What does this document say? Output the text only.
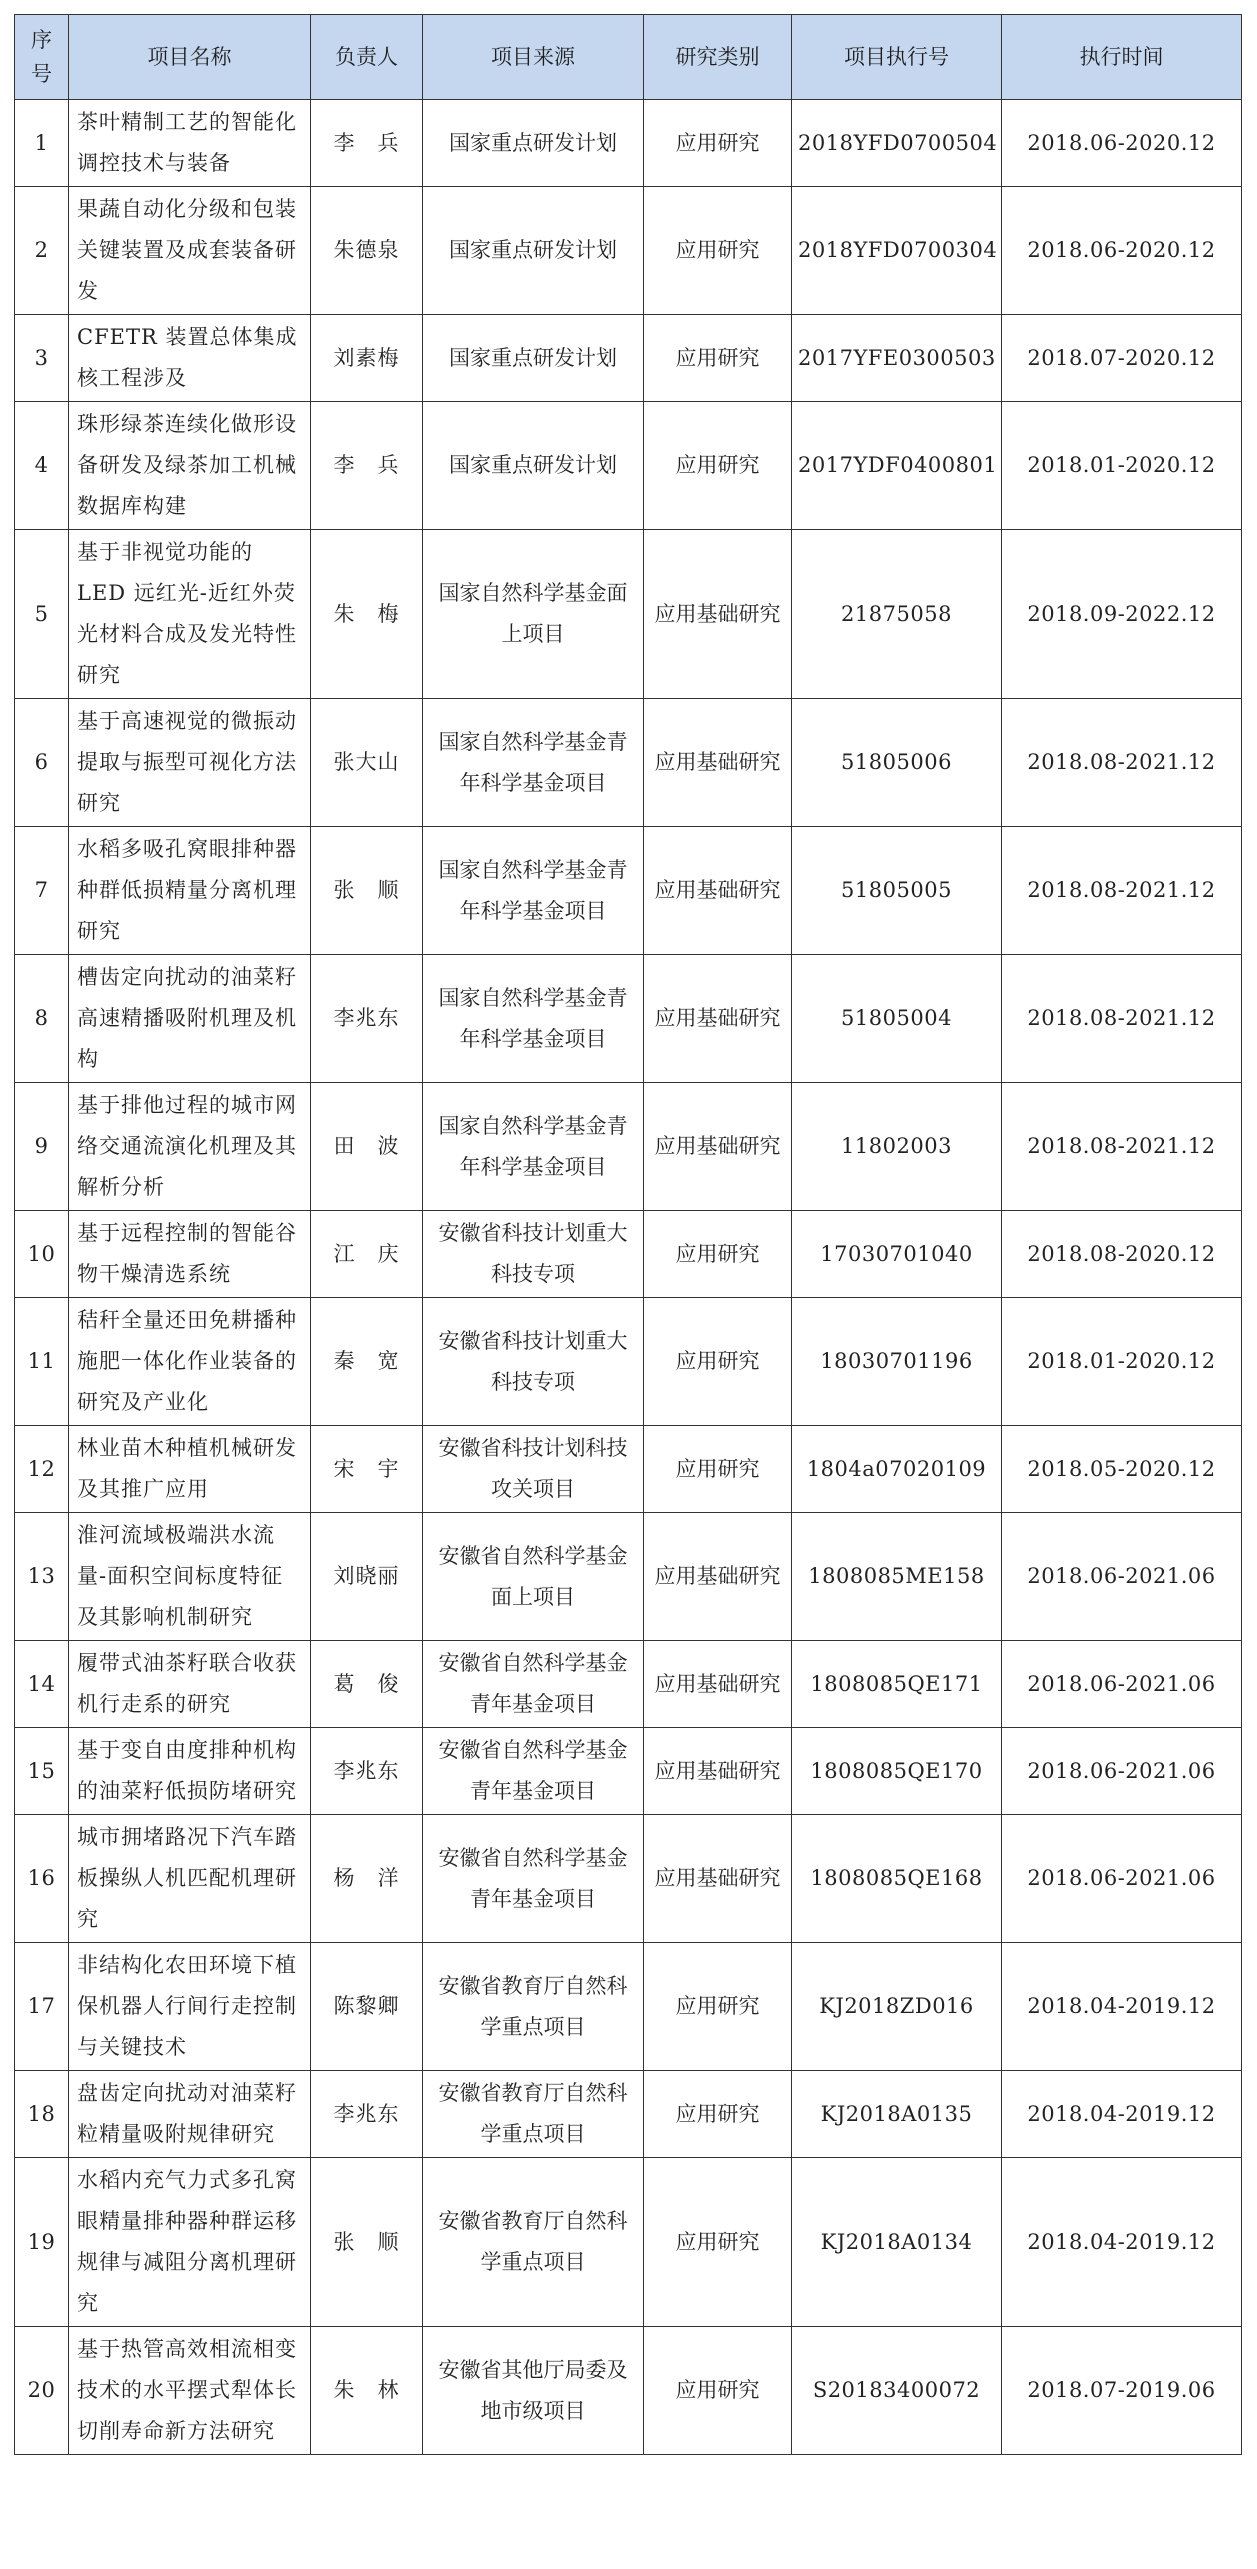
序号	项目名称	负责人	项目来源	研究类别	项目执行号	执行时间
1	茶叶精制工艺的智能化调控技术与装备	李　兵	国家重点研发计划	应用研究	2018YFD0700504	2018.06-2020.12
2	果蔬自动化分级和包装关键装置及成套装备研发	朱德泉	国家重点研发计划	应用研究	2018YFD0700304	2018.06-2020.12
3	CFETR 装置总体集成核工程涉及	刘素梅	国家重点研发计划	应用研究	2017YFE0300503	2018.07-2020.12
4	珠形绿茶连续化做形设备研发及绿茶加工机械数据库构建	李　兵	国家重点研发计划	应用研究	2017YDF0400801	2018.01-2020.12
5	基于非视觉功能的LED 远红光-近红外荧光材料合成及发光特性研究	朱　梅	国家自然科学基金面上项目	应用基础研究	21875058	2018.09-2022.12
6	基于高速视觉的微振动提取与振型可视化方法研究	张大山	国家自然科学基金青年科学基金项目	应用基础研究	51805006	2018.08-2021.12
7	水稻多吸孔窝眼排种器种群低损精量分离机理研究	张　顺	国家自然科学基金青年科学基金项目	应用基础研究	51805005	2018.08-2021.12
8	槽齿定向扰动的油菜籽高速精播吸附机理及机构	李兆东	国家自然科学基金青年科学基金项目	应用基础研究	51805004	2018.08-2021.12
9	基于排他过程的城市网络交通流演化机理及其解析分析	田　波	国家自然科学基金青年科学基金项目	应用基础研究	11802003	2018.08-2021.12
10	基于远程控制的智能谷物干燥清选系统	江　庆	安徽省科技计划重大科技专项	应用研究	17030701040	2018.08-2020.12
11	秸秆全量还田免耕播种施肥一体化作业装备的研究及产业化	秦　宽	安徽省科技计划重大科技专项	应用研究	18030701196	2018.01-2020.12
12	林业苗木种植机械研发及其推广应用	宋　宇	安徽省科技计划科技攻关项目	应用研究	1804a07020109	2018.05-2020.12
13	淮河流域极端洪水流量-面积空间标度特征及其影响机制研究	刘晓丽	安徽省自然科学基金面上项目	应用基础研究	1808085ME158	2018.06-2021.06
14	履带式油茶籽联合收获机行走系的研究	葛　俊	安徽省自然科学基金青年基金项目	应用基础研究	1808085QE171	2018.06-2021.06
15	基于变自由度排种机构的油菜籽低损防堵研究	李兆东	安徽省自然科学基金青年基金项目	应用基础研究	1808085QE170	2018.06-2021.06
16	城市拥堵路况下汽车踏板操纵人机匹配机理研究	杨　洋	安徽省自然科学基金青年基金项目	应用基础研究	1808085QE168	2018.06-2021.06
17	非结构化农田环境下植保机器人行间行走控制与关键技术	陈黎卿	安徽省教育厅自然科学重点项目	应用研究	KJ2018ZD016	2018.04-2019.12
18	盘齿定向扰动对油菜籽粒精量吸附规律研究	李兆东	安徽省教育厅自然科学重点项目	应用研究	KJ2018A0135	2018.04-2019.12
19	水稻内充气力式多孔窝眼精量排种器种群运移规律与减阻分离机理研究	张　顺	安徽省教育厅自然科学重点项目	应用研究	KJ2018A0134	2018.04-2019.12
20	基于热管高效相流相变技术的水平摆式犁体长切削寿命新方法研究	朱　林	安徽省其他厅局委及地市级项目	应用研究	S20183400072	2018.07-2019.06
